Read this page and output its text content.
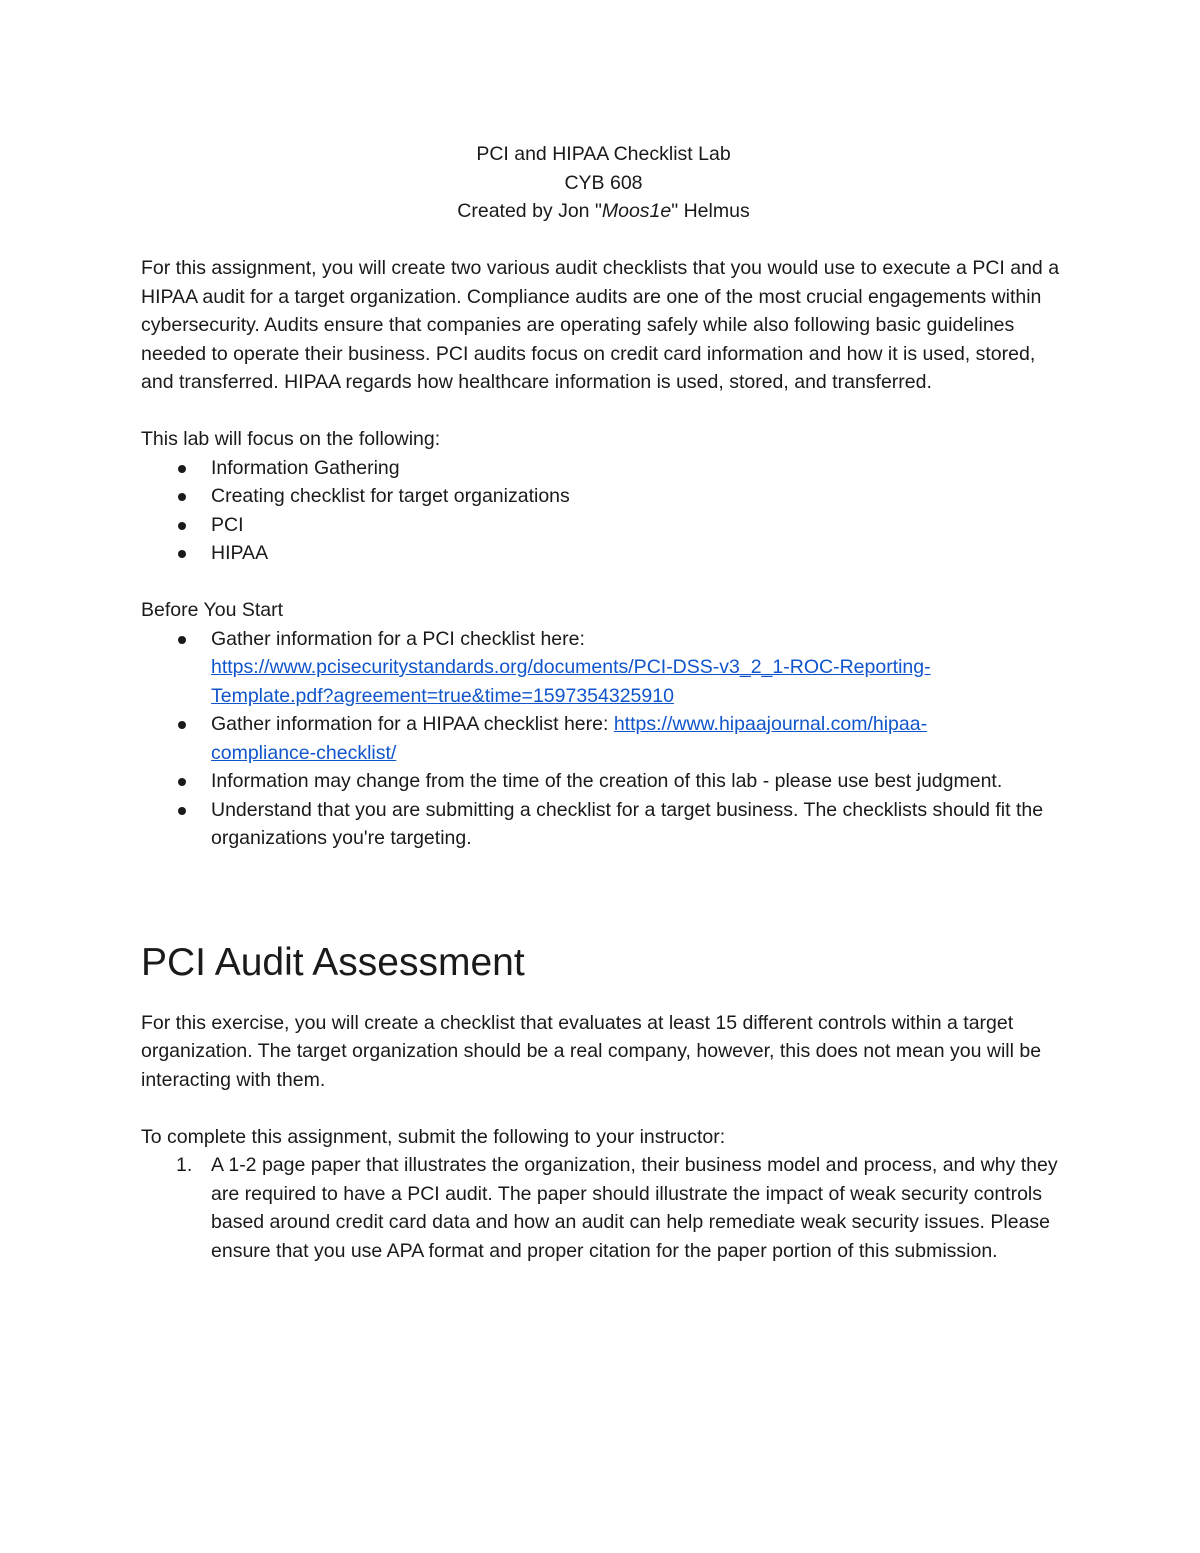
PCI and HIPAA Checklist Lab
CYB 608
Created by Jon "Moos1e" Helmus

For this assignment, you will create two various audit checklists that you would use to execute a PCI and a HIPAA audit for a target organization. Compliance audits are one of the most crucial engagements within cybersecurity. Audits ensure that companies are operating safely while also following basic guidelines needed to operate their business. PCI audits focus on credit card information and how it is used, stored, and transferred. HIPAA regards how healthcare information is used, stored, and transferred.

This lab will focus on the following:
Information Gathering
Creating checklist for target organizations
PCI
HIPAA
Before You Start
Gather information for a PCI checklist here:
https://www.pcisecuritystandards.org/documents/PCI-DSS-v3_2_1-ROC-Reporting-
Template.pdf?agreement=true&time=1597354325910
Gather information for a HIPAA checklist here: https://www.hipaajournal.com/hipaa-
compliance-checklist/
Information may change from the time of the creation of this lab - please use best judgment.
Understand that you are submitting a checklist for a target business. The checklists should fit the organizations you're targeting.
PCI Audit Assessment

For this exercise, you will create a checklist that evaluates at least 15 different controls within a target organization. The target organization should be a real company, however, this does not mean you will be interacting with them.

To complete this assignment, submit the following to your instructor:
1. A 1-2 page paper that illustrates the organization, their business model and process, and why they are required to have a PCI audit. The paper should illustrate the impact of weak security controls based around credit card data and how an audit can help remediate weak security issues. Please ensure that you use APA format and proper citation for the paper portion of this submission.
